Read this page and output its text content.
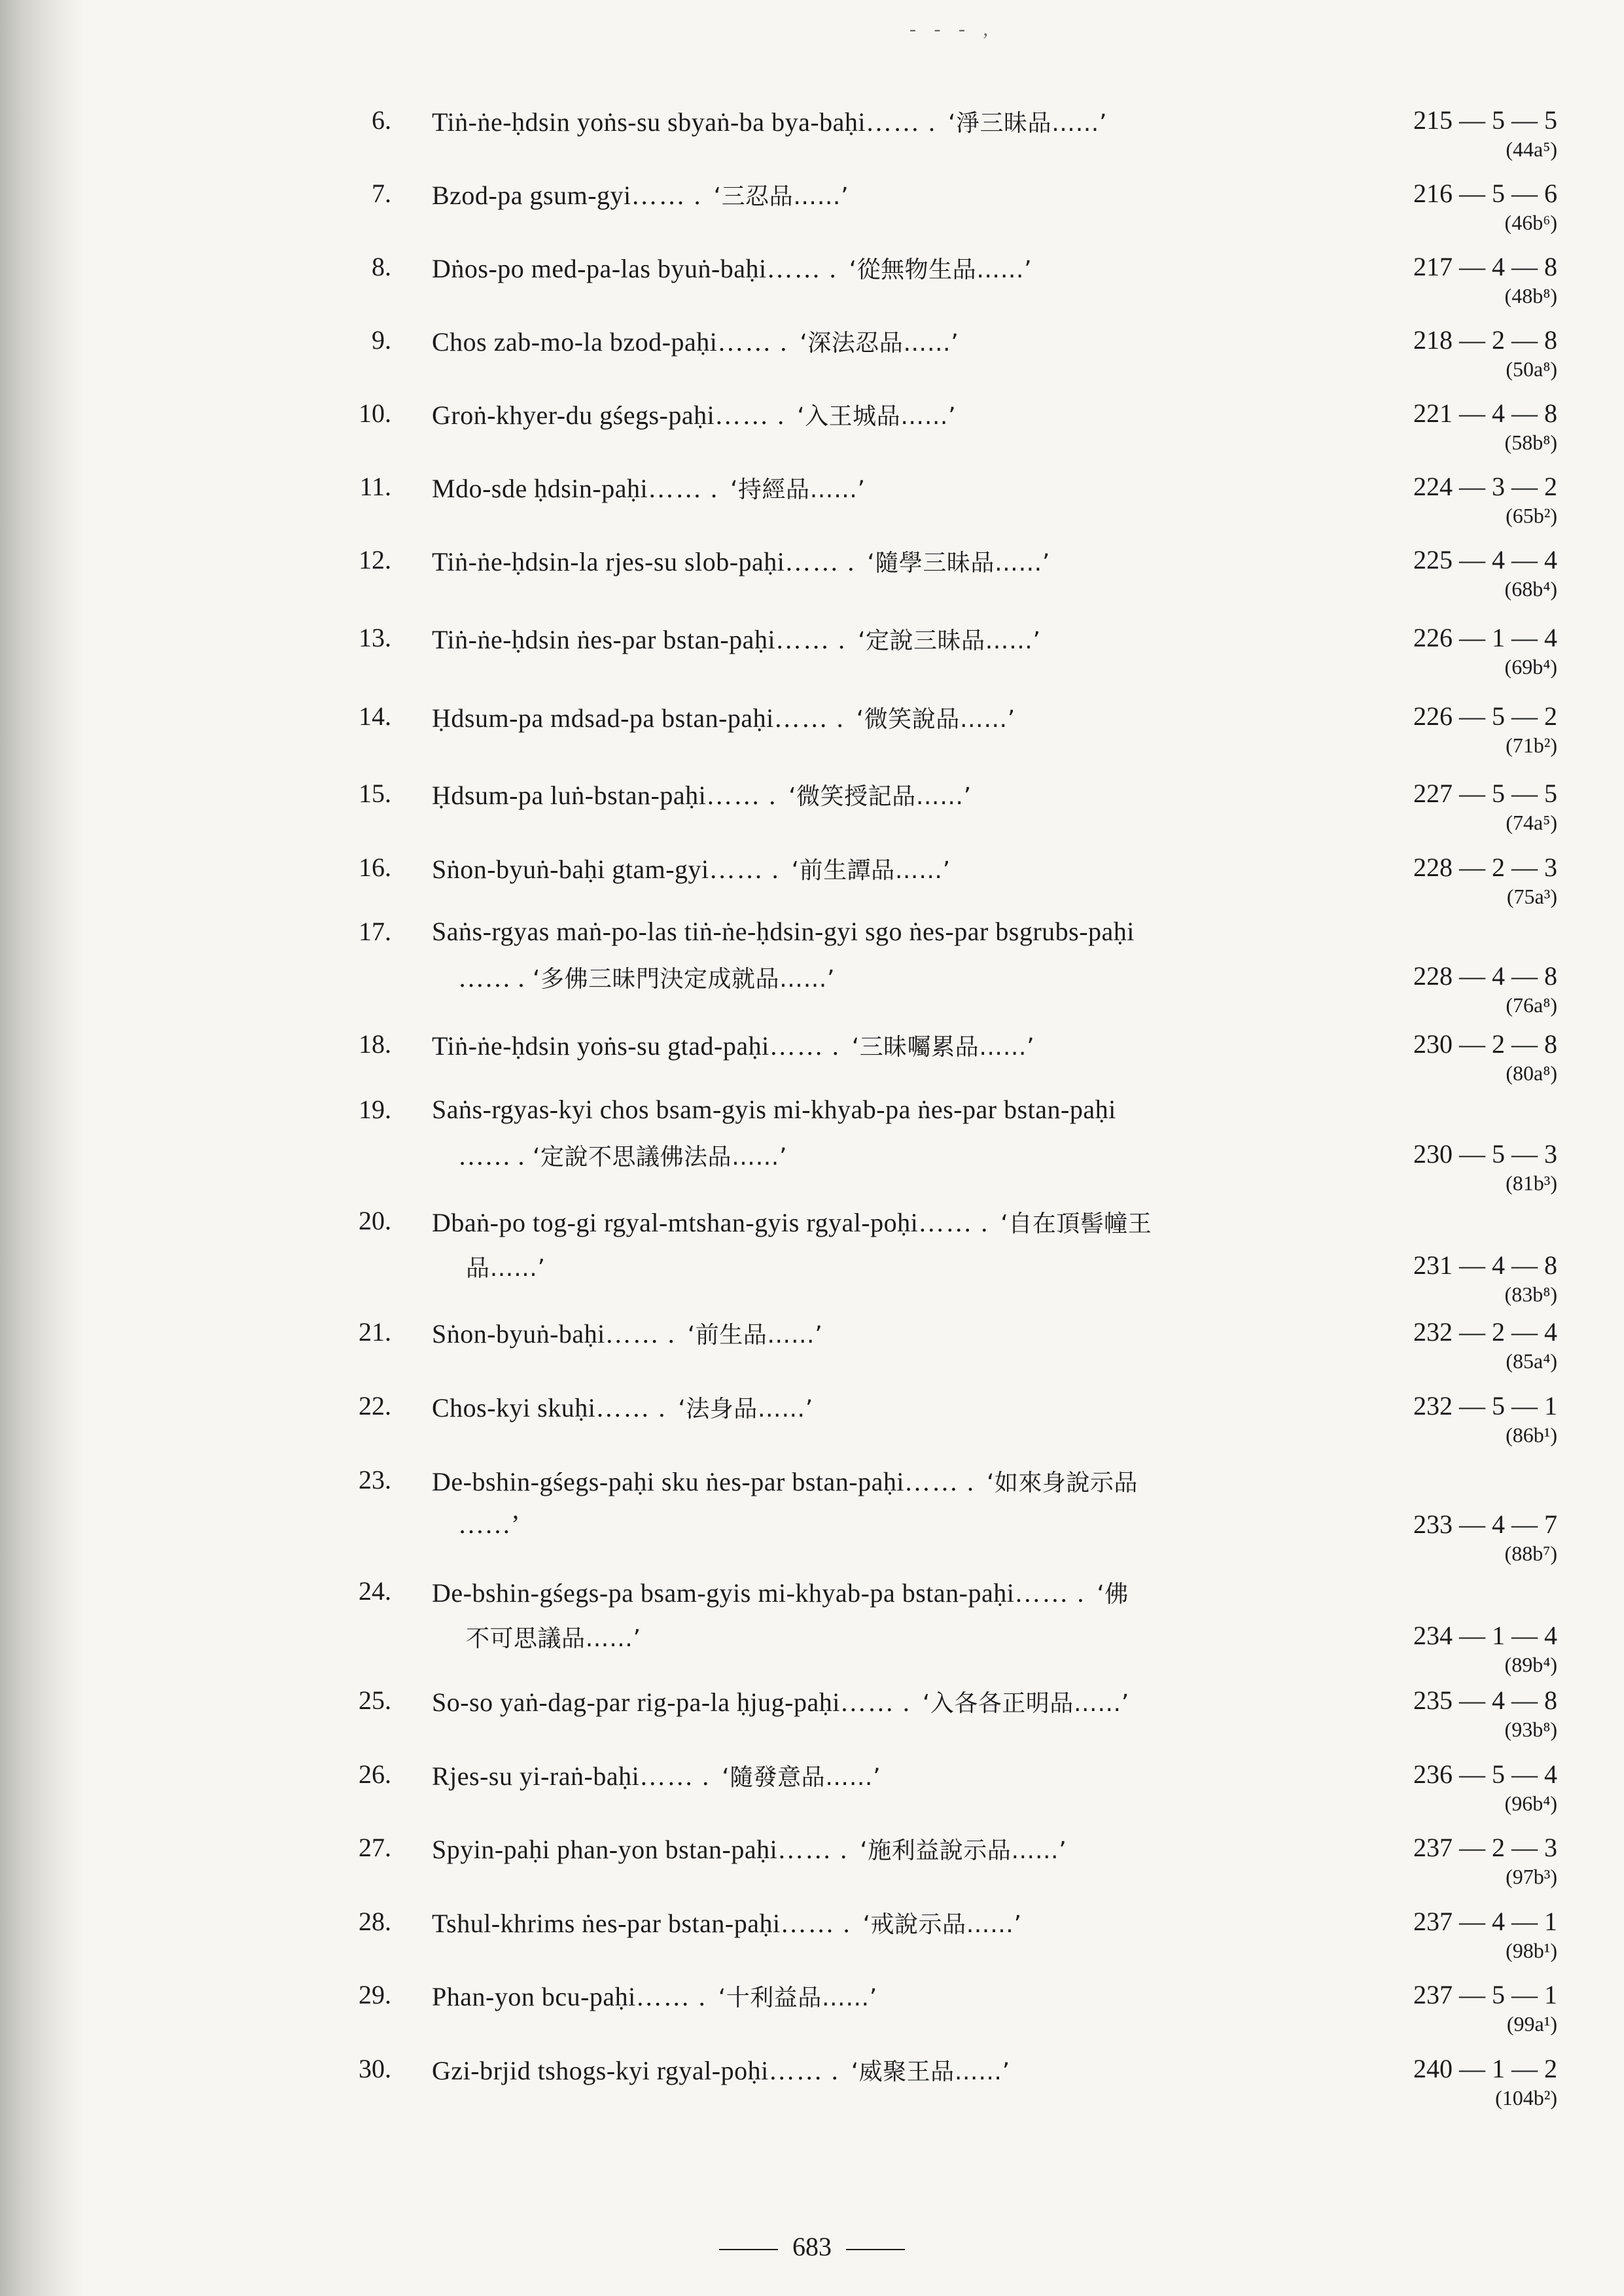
- - - ,
6. Tiṅ-ṅe-ḥdsin yoṅs-su sbyaṅ-ba bya-baḥi…… . ‘淨三昧品……’	215 — 5 — 5
(44a⁵)
7. Bzod-pa gsum-gyi…… . ‘三忍品……’	216 — 5 — 6
(46b⁶)
8. Dṅos-po med-pa-las byuṅ-baḥi…… . ‘從無物生品……’	217 — 4 — 8
(48b⁸)
9. Chos zab-mo-la bzod-paḥi…… . ‘深法忍品……’	218 — 2 — 8
(50a⁸)
10. Groṅ-khyer-du gśegs-paḥi…… . ‘入王城品……’	221 — 4 — 8
(58b⁸)
11. Mdo-sde ḥdsin-paḥi…… . ‘持經品……’	224 — 3 — 2
(65b²)
12. Tiṅ-ṅe-ḥdsin-la rjes-su slob-paḥi…… . ‘隨學三昧品……’	225 — 4 — 4
(68b⁴)
13. Tiṅ-ṅe-ḥdsin ṅes-par bstan-paḥi…… . ‘定說三昧品……’	226 — 1 — 4
(69b⁴)
14. Ḥdsum-pa mdsad-pa bstan-paḥi…… . ‘微笑說品……’	226 — 5 — 2
(71b²)
15. Ḥdsum-pa luṅ-bstan-paḥi…… . ‘微笑授記品……’	227 — 5 — 5
(74a⁵)
16. Sṅon-byuṅ-baḥi gtam-gyi…… . ‘前生譚品……’	228 — 2 — 3
(75a³)
17. Saṅs-rgyas maṅ-po-las tiṅ-ṅe-ḥdsin-gyi sgo ṅes-par bsgrubs-paḥi
…… . ‘多佛三昧門決定成就品……’	228 — 4 — 8
(76a⁸)
18. Tiṅ-ṅe-ḥdsin yoṅs-su gtad-paḥi…… . ‘三昧囑累品……’	230 — 2 — 8
(80a⁸)
19. Saṅs-rgyas-kyi chos bsam-gyis mi-khyab-pa ṅes-par bstan-paḥi
…… . ‘定說不思議佛法品……’	230 — 5 — 3
(81b³)
20. Dbaṅ-po tog-gi rgyal-mtshan-gyis rgyal-poḥi…… . ‘自在頂髻幢王
品……’	231 — 4 — 8
(83b⁸)
21. Sṅon-byuṅ-baḥi…… . ‘前生品……’	232 — 2 — 4
(85a⁴)
22. Chos-kyi skuḥi…… . ‘法身品……’	232 — 5 — 1
(86b¹)
23. De-bshin-gśegs-paḥi sku ṅes-par bstan-paḥi…… . ‘如來身說示品
……’	233 — 4 — 7
(88b⁷)
24. De-bshin-gśegs-pa bsam-gyis mi-khyab-pa bstan-paḥi…… . ‘佛
不可思議品……’	234 — 1 — 4
(89b⁴)
25. So-so yaṅ-dag-par rig-pa-la ḥjug-paḥi…… . ‘入各各正明品……’	235 — 4 — 8
(93b⁸)
26. Rjes-su yi-raṅ-baḥi…… . ‘隨發意品……’	236 — 5 — 4
(96b⁴)
27. Spyin-paḥi phan-yon bstan-paḥi…… . ‘施利益說示品……’	237 — 2 — 3
(97b³)
28. Tshul-khrims ṅes-par bstan-paḥi…… . ‘戒說示品……’	237 — 4 — 1
(98b¹)
29. Phan-yon bcu-paḥi…… . ‘十利益品……’	237 — 5 — 1
(99a¹)
30. Gzi-brjid tshogs-kyi rgyal-poḥi…… . ‘威聚王品……’	240 — 1 — 2
(104b²)
683
